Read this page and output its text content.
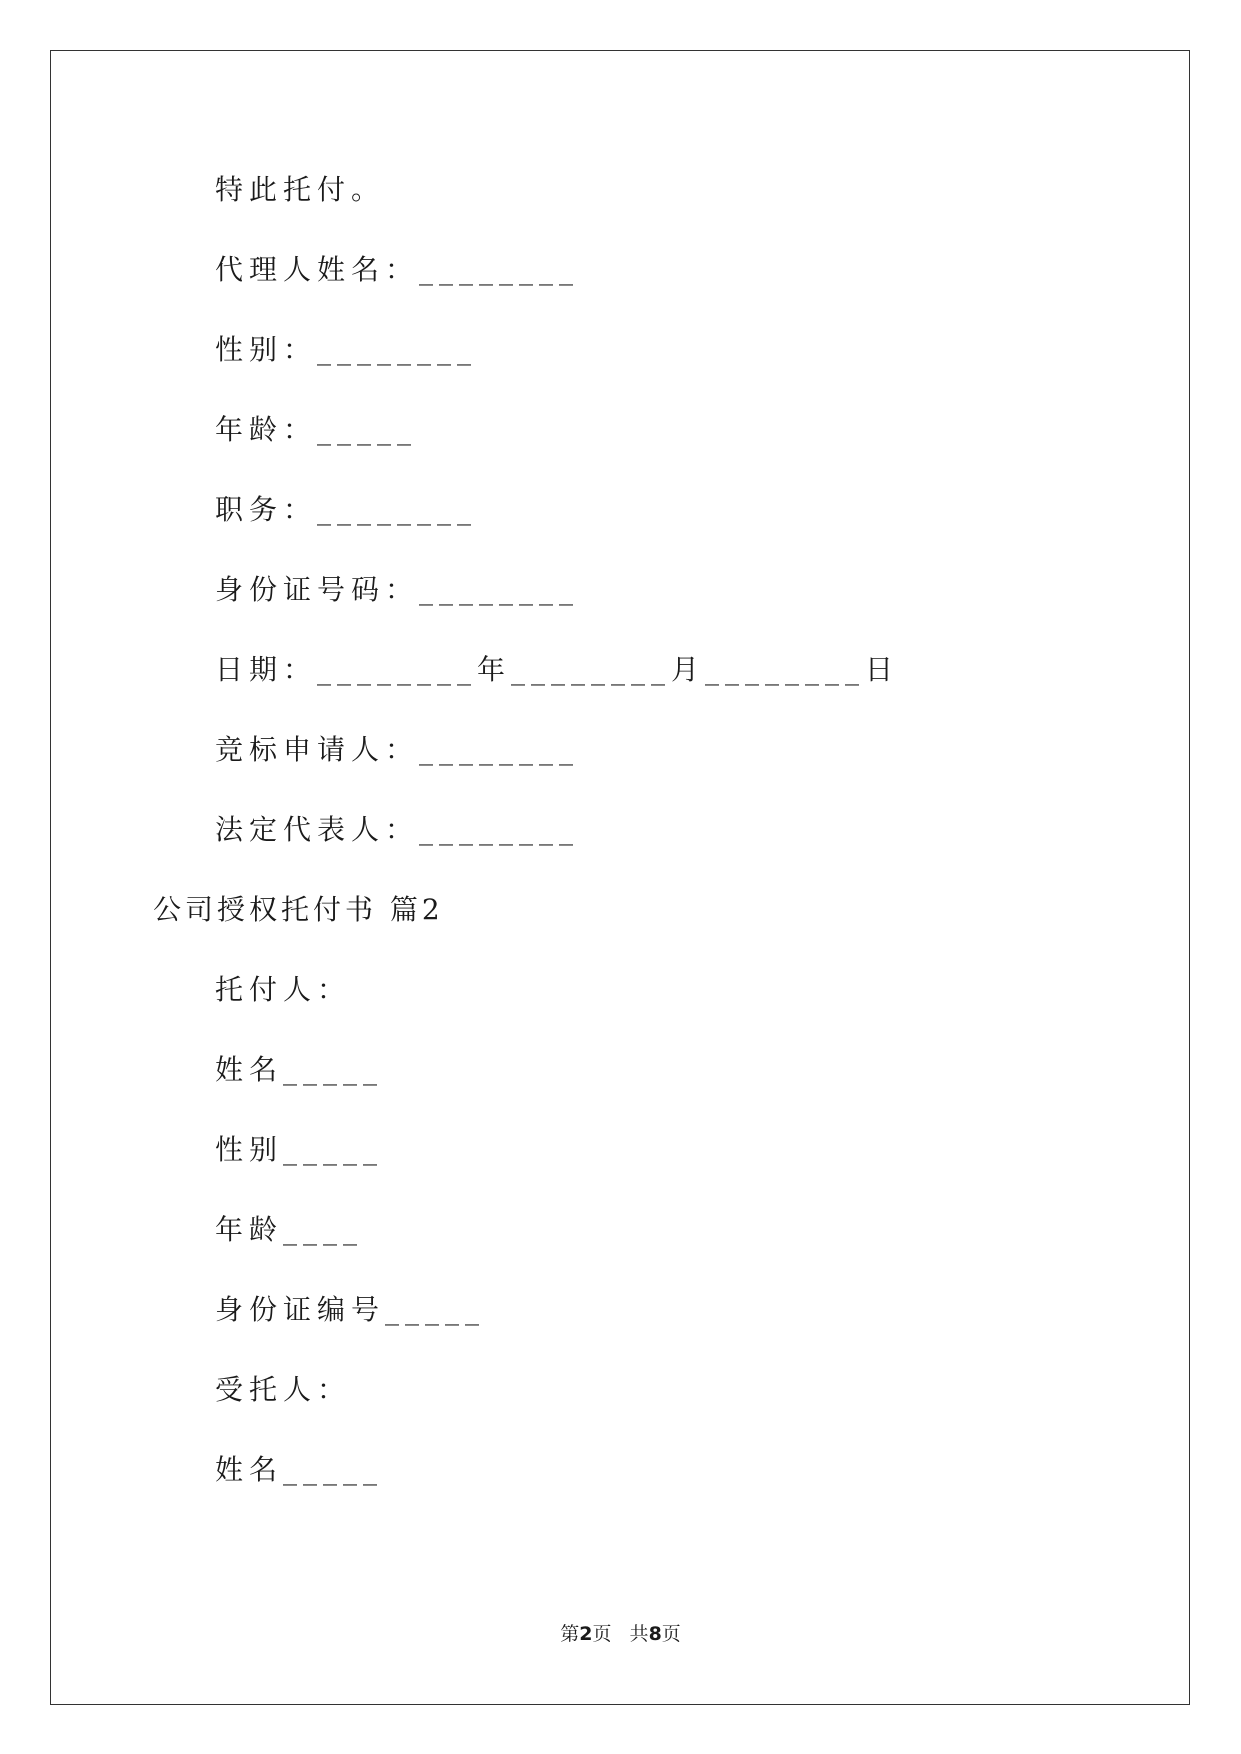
特此托付。
代理人姓名：________
性别：________
年龄：_____
职务：________
身份证号码：________
日期：________年________月________日
竞标申请人：________
法定代表人：________
公司授权托付书 篇2
托付人：
姓名_____
性别_____
年龄____
身份证编号_____
受托人：
姓名_____
第2页   共8页
